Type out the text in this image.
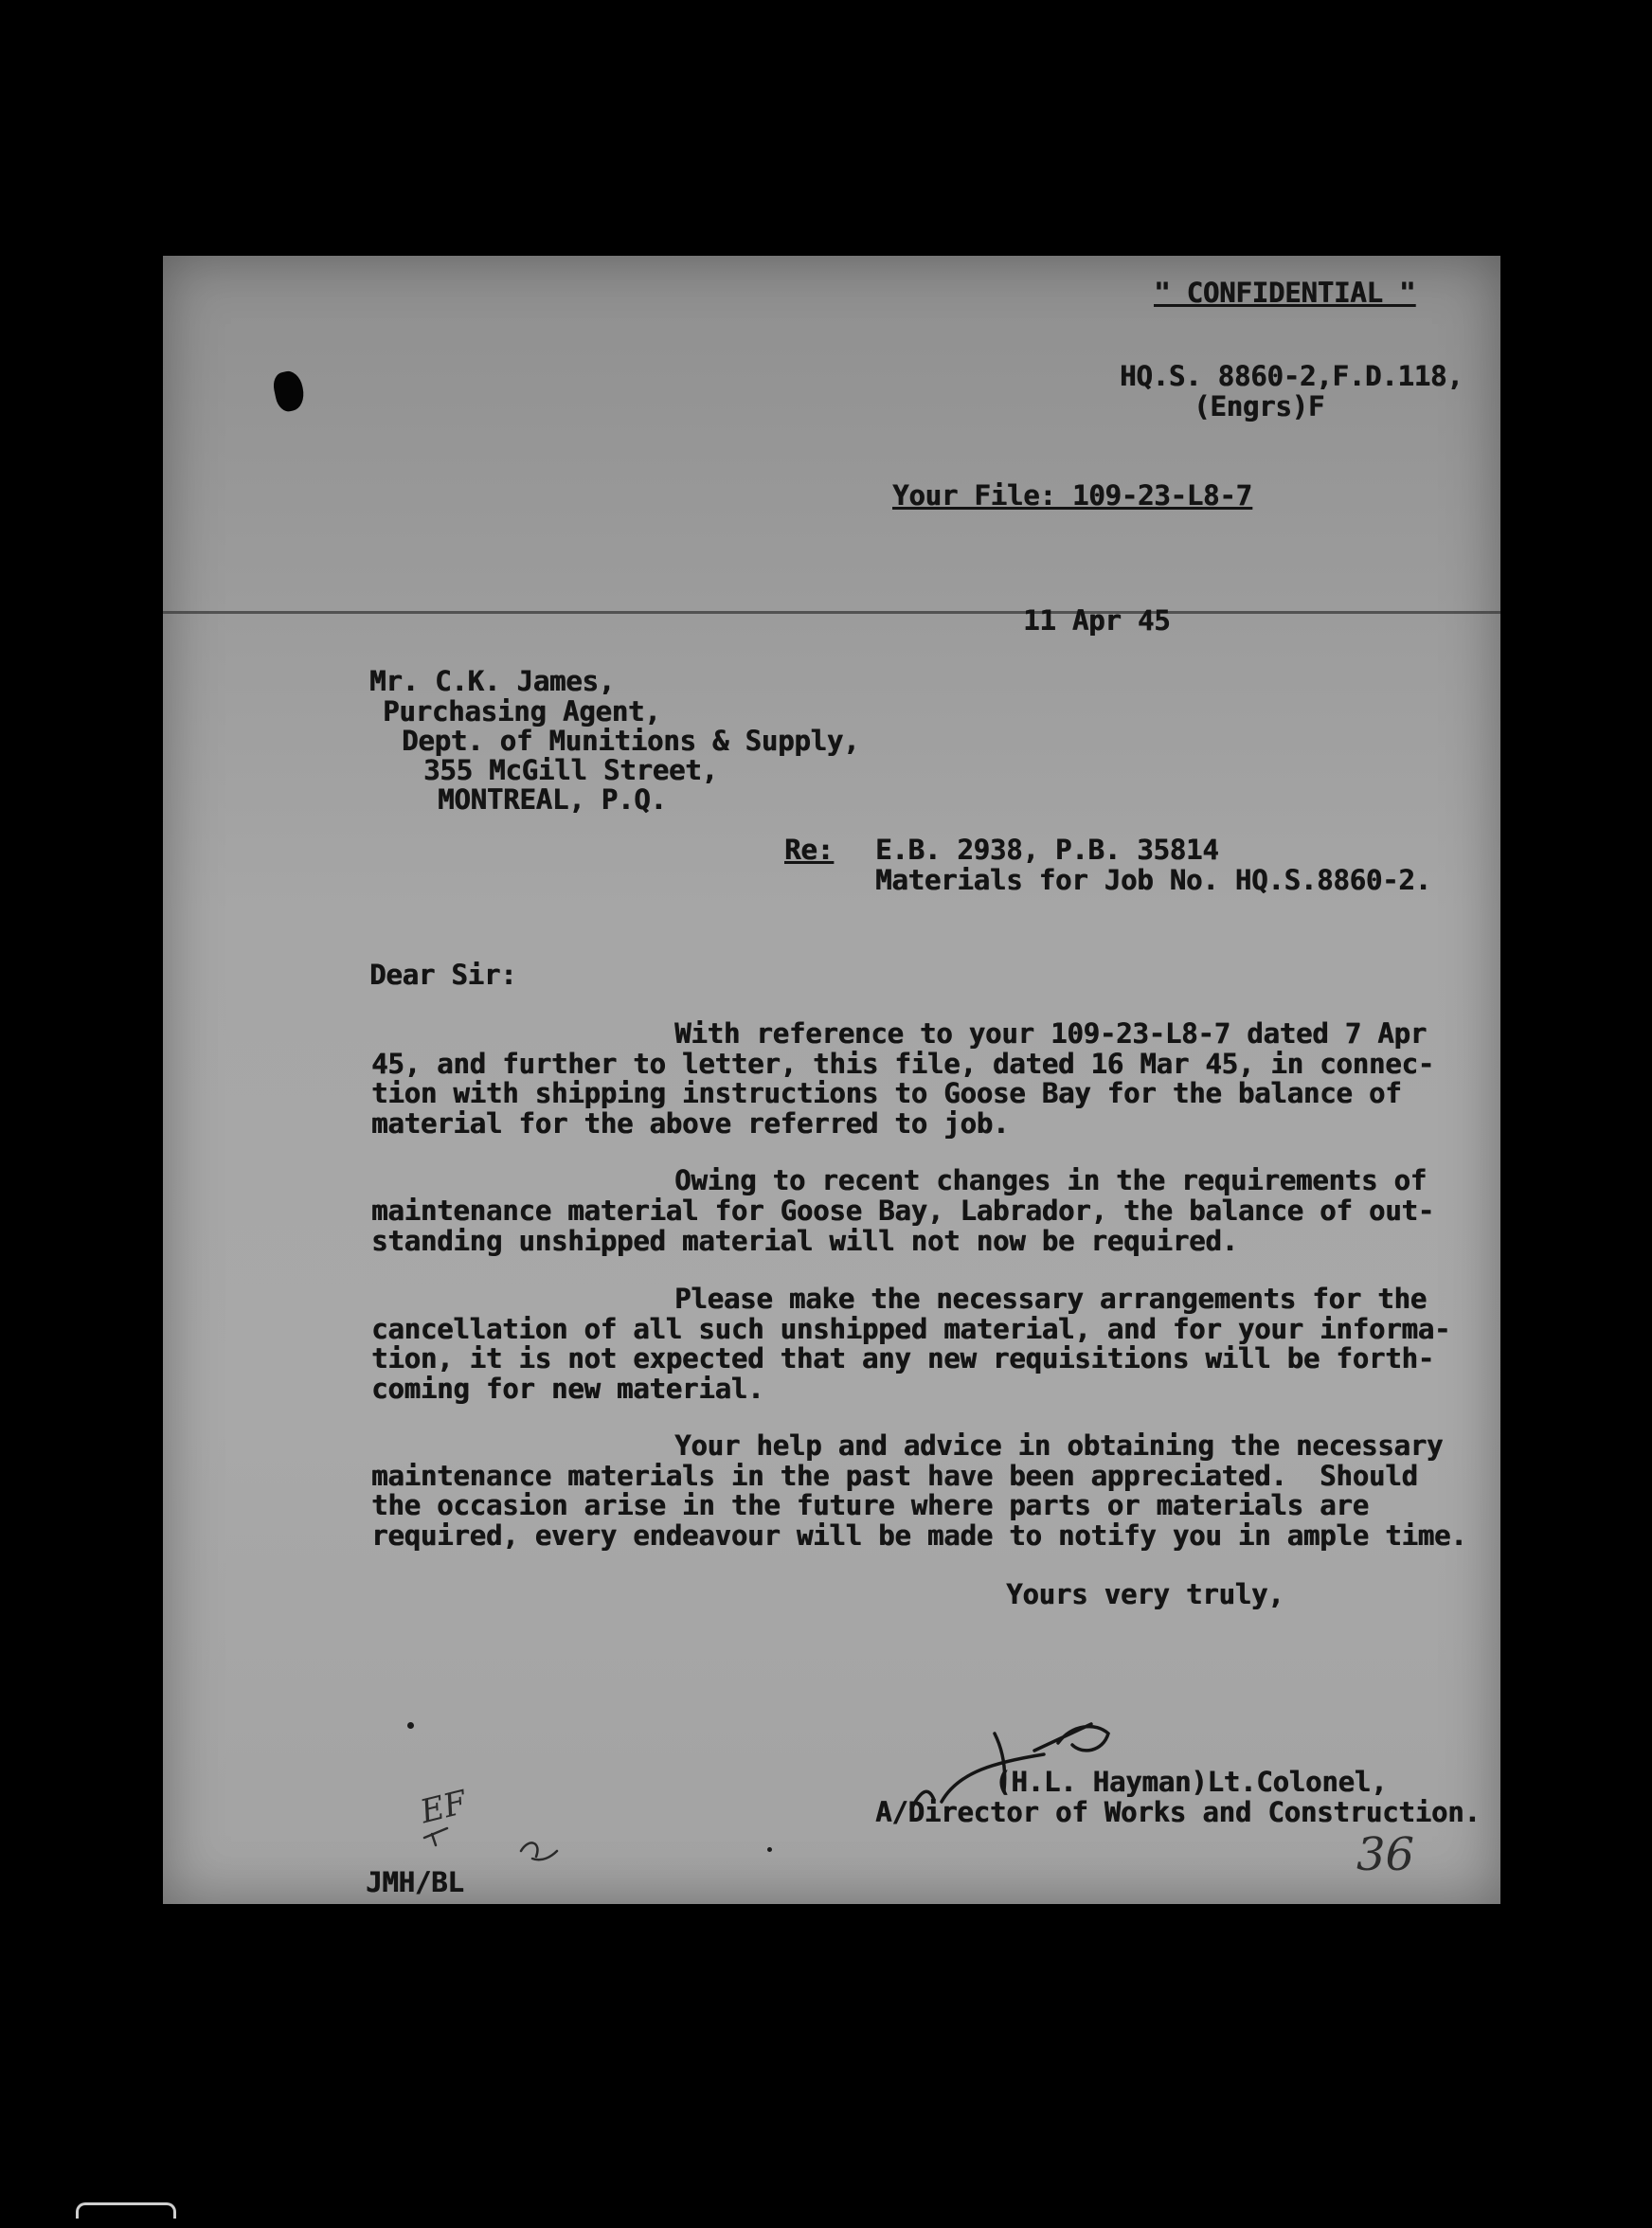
" CONFIDENTIAL "
HQ.S. 8860-2,F.D.118,
(Engrs)F
Your File: 109-23-L8-7
11 Apr 45
Mr. C.K. James,
Purchasing Agent,
Dept. of Munitions & Supply,
355 McGill Street,
MONTREAL, P.Q.
Re: E.B. 2938, P.B. 35814
Materials for Job No. HQ.S.8860-2.
Dear Sir:
With reference to your 109-23-L8-7 dated 7 Apr
45, and further to letter, this file, dated 16 Mar 45, in connec-
tion with shipping instructions to Goose Bay for the balance of
material for the above referred to job.
Owing to recent changes in the requirements of
maintenance material for Goose Bay, Labrador, the balance of out-
standing unshipped material will not now be required.
Please make the necessary arrangements for the
cancellation of all such unshipped material, and for your informa-
tion, it is not expected that any new requisitions will be forth-
coming for new material.
Your help and advice in obtaining the necessary
maintenance materials in the past have been appreciated.  Should
the occasion arise in the future where parts or materials are
required, every endeavour will be made to notify you in ample time.
Yours very truly,
(H.L. Hayman)Lt.Colonel,
A/Director of Works and Construction.
JMH/BL
EF
36
